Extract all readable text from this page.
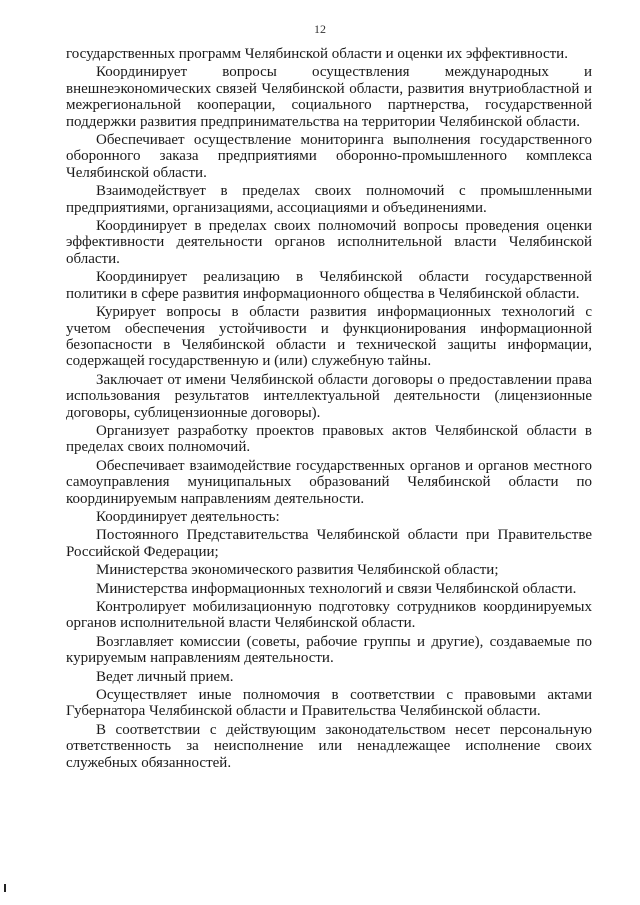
12

государственных программ Челябинской области и оценки их эффективности.

Координирует вопросы осуществления международных и внешнеэкономических связей Челябинской области, развития внутриобластной и межрегиональной кооперации, социального партнерства, государственной поддержки развития предпринимательства на территории Челябинской области.

Обеспечивает осуществление мониторинга выполнения государственного оборонного заказа предприятиями оборонно-промышленного комплекса Челябинской области.

Взаимодействует в пределах своих полномочий с промышленными предприятиями, организациями, ассоциациями и объединениями.

Координирует в пределах своих полномочий вопросы проведения оценки эффективности деятельности органов исполнительной власти Челябинской области.

Координирует реализацию в Челябинской области государственной политики в сфере развития информационного общества в Челябинской области.

Курирует вопросы в области развития информационных технологий с учетом обеспечения устойчивости и функционирования информационной безопасности в Челябинской области и технической защиты информации, содержащей государственную и (или) служебную тайны.

Заключает от имени Челябинской области договоры о предоставлении права использования результатов интеллектуальной деятельности (лицензионные договоры, сублицензионные договоры).

Организует разработку проектов правовых актов Челябинской области в пределах своих полномочий.

Обеспечивает взаимодействие государственных органов и органов местного самоуправления муниципальных образований Челябинской области по координируемым направлениям деятельности.

Координирует деятельность:

Постоянного Представительства Челябинской области при Правительстве Российской Федерации;

Министерства экономического развития Челябинской области;

Министерства информационных технологий и связи Челябинской области.

Контролирует мобилизационную подготовку сотрудников координируемых органов исполнительной власти Челябинской области.

Возглавляет комиссии (советы, рабочие группы и другие), создаваемые по курируемым направлениям деятельности.

Ведет личный прием.

Осуществляет иные полномочия в соответствии с правовыми актами Губернатора Челябинской области и Правительства Челябинской области.

В соответствии с действующим законодательством несет персональную ответственность за неисполнение или ненадлежащее исполнение своих служебных обязанностей.
